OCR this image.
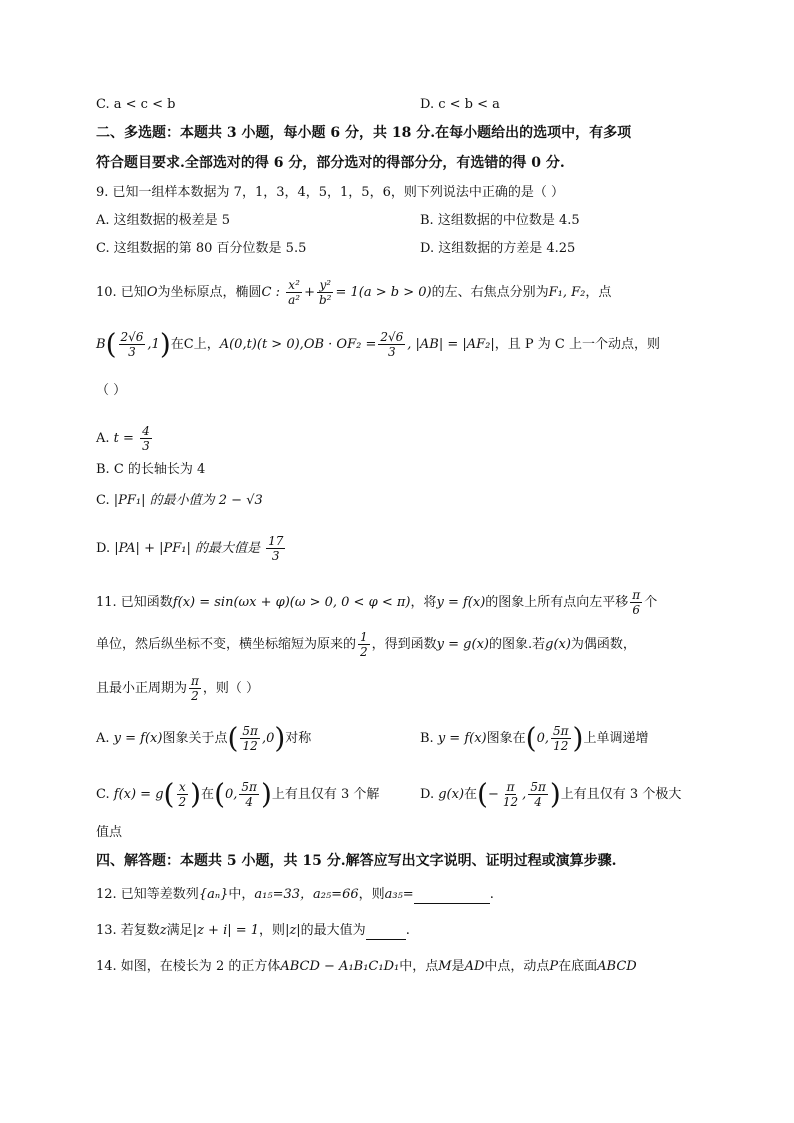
C. a < c < b	D. c < b < a
二、多选题：本题共 3 小题，每小题 6 分，共 18 分.在每小题给出的选项中，有多项
符合题目要求.全部选对的得 6 分，部分选对的得部分分，有选错的得 0 分.
9. 已知一组样本数据为 7，1，3，4，5，1，5，6，则下列说法中正确的是（ ）
A. 这组数据的极差是 5	B. 这组数据的中位数是 4.5
C. 这组数据的第 80 百分位数是 5.5	D. 这组数据的方差是 4.25
10. 已知O为坐标原点，椭圆C : $\frac{\text{x²}}{\text{a²}} + \frac{\text{y²}}{\text{b²}} = 1(a > b > 0)$的左、右焦点分别为F₁, F₂，点
$B( \frac{2√6}{3} ,1)$在C上，$A(0,t)(t > 0),OB \cdot OF_2 = \frac{2√6}{3}$ , |AB| = |AF₂|，且 P 为 C 上一个动点，则
（ ）
A. $t = \frac{4}{3}$
B. C 的长轴长为 4
C. |PF₁| 的最小值为 2 − √3
D. |PA| + |PF₁| 的最大值是 $\frac{17}{3}$
11. 已知函数f(x) = sin(ωx + φ)(ω > 0, 0 < φ < π)，将y = f(x)的图象上所有点向左平移 $\frac{\pi}{6}$ 个
单位，然后纵坐标不变，横坐标缩短为原来的 $\frac{1}{2}$ ，得到函数y = g(x)的图象.若g(x)为偶函数，
且最小正周期为 $\frac{\pi}{2}$ ，则（ ）
A. y = f(x)图象关于点( $\frac{5\pi}{12} ,0$)对称	B. y = f(x)图象在(0, $\frac{5\pi}{12}$ )上单调递增
C. $f(x) = g( \frac{x}{2}$ )在(0, $\frac{5\pi}{4}$ )上有且仅有 3 个解	D. g(x)在(− $\frac{\pi}{12}$ , $\frac{5\pi}{4}$ )上有且仅有 3 个极大
值点
四、解答题：本题共 5 小题，共 15 分.解答应写出文字说明、证明过程或演算步骤.
12. 已知等差数列{aₙ}中，a₁₅=33，a₂₅=66，则a₃₅=	.
13. 若复数z满足|z + i| = 1，则|z|的最大值为	.
14. 如图，在棱长为 2 的正方体ABCD − A₁B₁C₁D₁中，点M是AD中点，动点P在底面ABCD
